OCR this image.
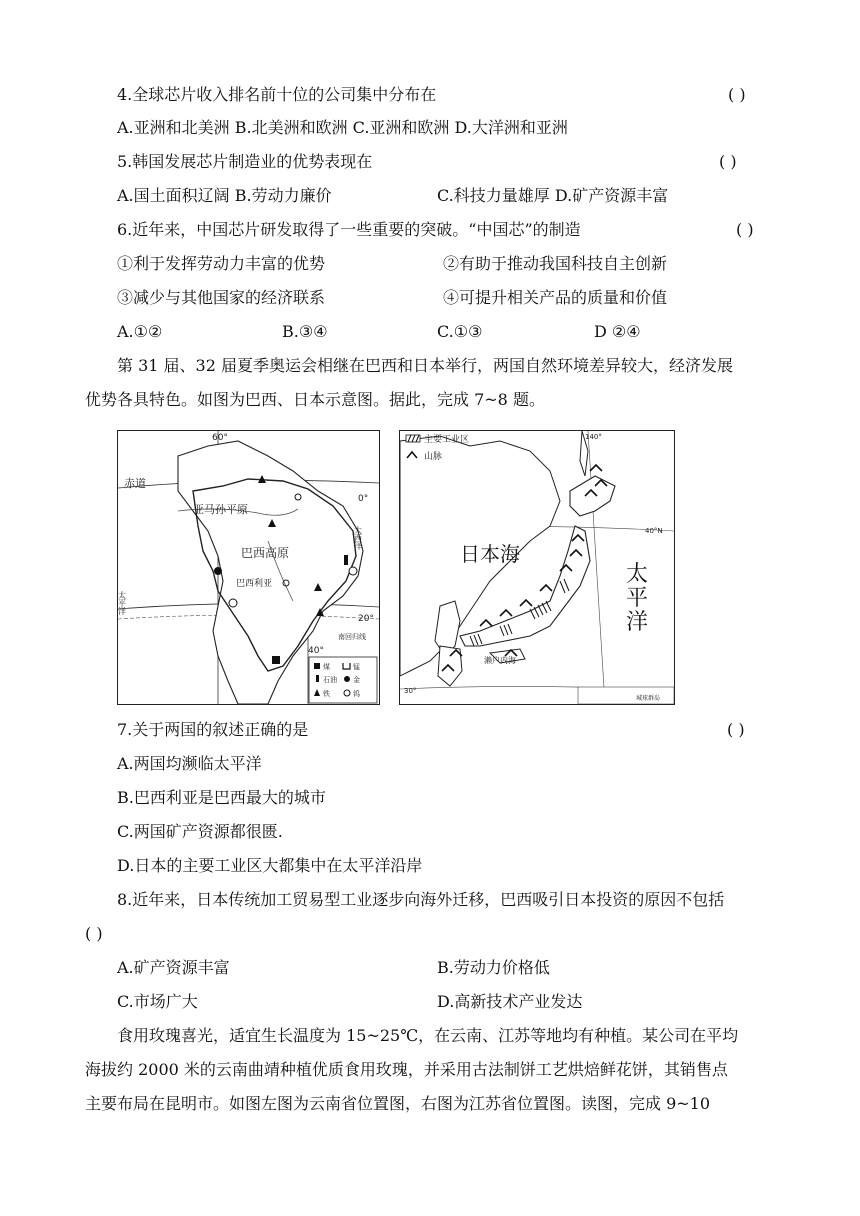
4.全球芯片收入排名前十位的公司集中分布在	( )
A.亚洲和北美洲 B.北美洲和欧洲 C.亚洲和欧洲 D.大洋洲和亚洲
5.韩国发展芯片制造业的优势表现在	( )
A.国土面积辽阔 B.劳动力廉价	C.科技力量雄厚 D.矿产资源丰富
6.近年来，中国芯片研发取得了一些重要的突破。“中国芯”的制造	( )
①利于发挥劳动力丰富的优势	②有助于推动我国科技自主创新
③减少与其他国家的经济联系	④可提升相关产品的质量和价值
A.①②	B.③④	C.①③	D ②④
第 31 届、32 届夏季奥运会相继在巴西和日本举行，两国自然环境差异较大，经济发展
优势各具特色。如图为巴西、日本示意图。据此，完成 7~8 题。
60°
赤道
0°
亚马孙平原
巴西高原
巴西利亚
太平洋
大西洋
20°
南回归线
40°
煤	锰
石油 金
铁	钨
主要工业区
山脉
日本海
太
平
洋
40°N
30°
140°
濑户内海
城球群岛
7.关于两国的叙述正确的是	( )
A.两国均濒临太平洋
B.巴西利亚是巴西最大的城市
C.两国矿产资源都很匮.
D.日本的主要工业区大都集中在太平洋沿岸
8.近年来，日本传统加工贸易型工业逐步向海外迁移，巴西吸引日本投资的原因不包括
( )
A.矿产资源丰富	B.劳动力价格低
C.市场广大	D.高新技术产业发达
食用玫瑰喜光，适宜生长温度为 15~25℃，在云南、江苏等地均有种植。某公司在平均
海拔约 2000 米的云南曲靖种植优质食用玫瑰，并采用古法制饼工艺烘焙鲜花饼，其销售点
主要布局在昆明市。如图左图为云南省位置图，右图为江苏省位置图。读图，完成 9~10
